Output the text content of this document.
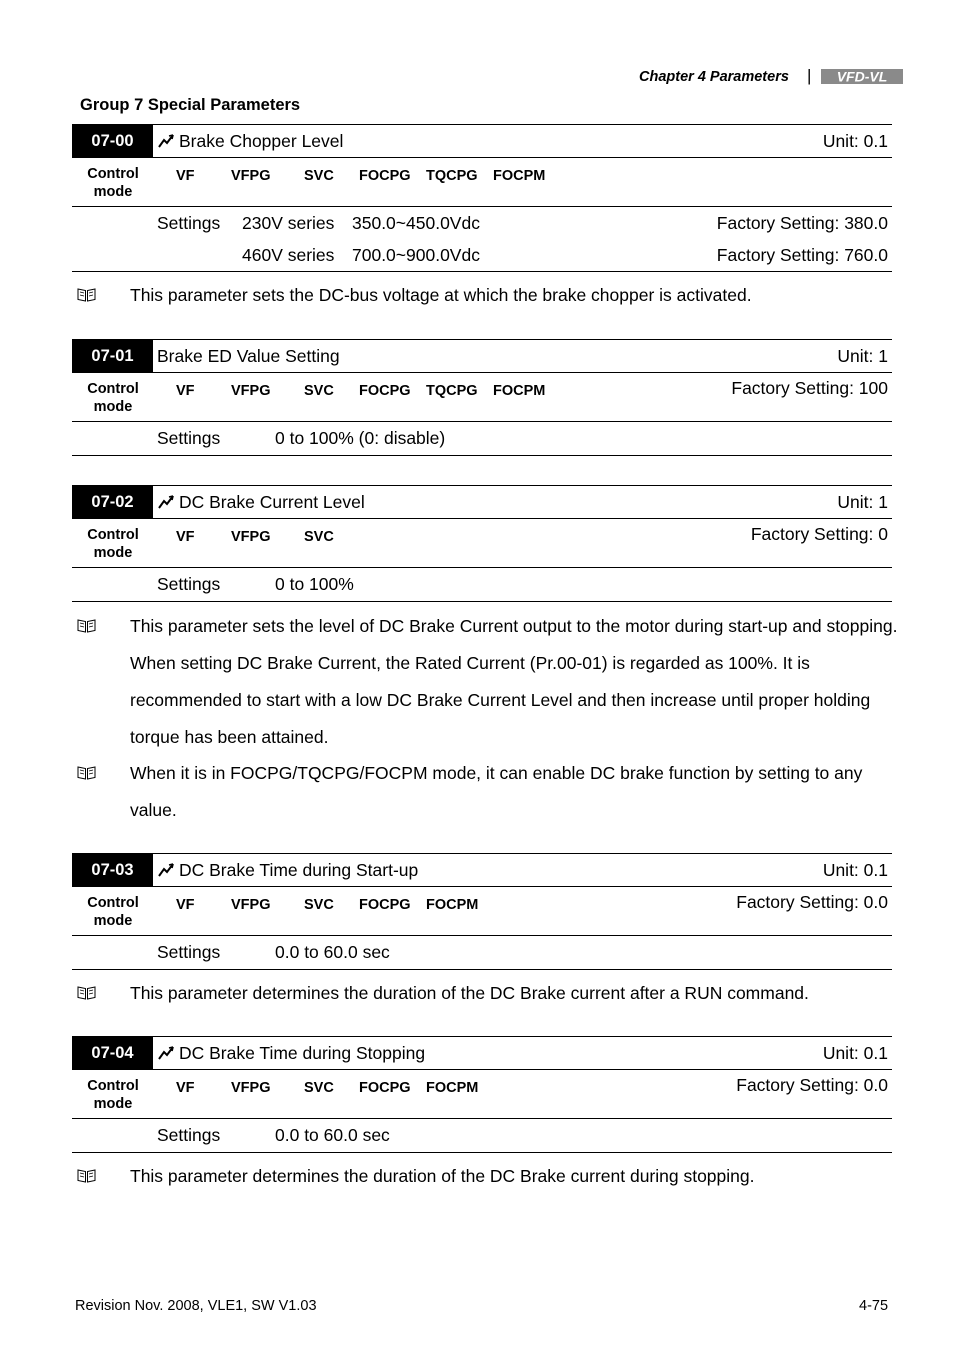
Chapter 4 Parameters | VFD-VL
Group 7 Special Parameters
07-00	Brake Chopper Level	Unit: 0.1
Control
mode
VF	VFPG SVC FOCPG TQCPG FOCPM
Settings 230V series 350.0~450.0Vdc	Factory Setting: 380.0
460V series 700.0~900.0Vdc	Factory Setting: 760.0
This parameter sets the DC-bus voltage at which the brake chopper is activated.
07-01	Brake ED Value Setting	Unit: 1
Control
mode
VF	VFPG SVC FOCPG TQCPG FOCPM	Factory Setting: 100
Settings	0 to 100% (0: disable)
07-02	DC Brake Current Level	Unit: 1
Control
mode
VF	VFPG SVC	Factory Setting: 0
Settings	0 to 100%
This parameter sets the level of DC Brake Current output to the motor during start-up and stopping. When setting DC Brake Current, the Rated Current (Pr.00-01) is regarded as 100%. It is recommended to start with a low DC Brake Current Level and then increase until proper holding torque has been attained.
When it is in FOCPG/TQCPG/FOCPM mode, it can enable DC brake function by setting to any value.
07-03	DC Brake Time during Start-up	Unit: 0.1
Control
mode
VF	VFPG SVC FOCPG FOCPM	Factory Setting: 0.0
Settings	0.0 to 60.0 sec
This parameter determines the duration of the DC Brake current after a RUN command.
07-04	DC Brake Time during Stopping	Unit: 0.1
Control
mode
VF	VFPG SVC FOCPG FOCPM	Factory Setting: 0.0
Settings	0.0 to 60.0 sec
This parameter determines the duration of the DC Brake current during stopping.
Revision Nov. 2008, VLE1, SW V1.03	4-75
